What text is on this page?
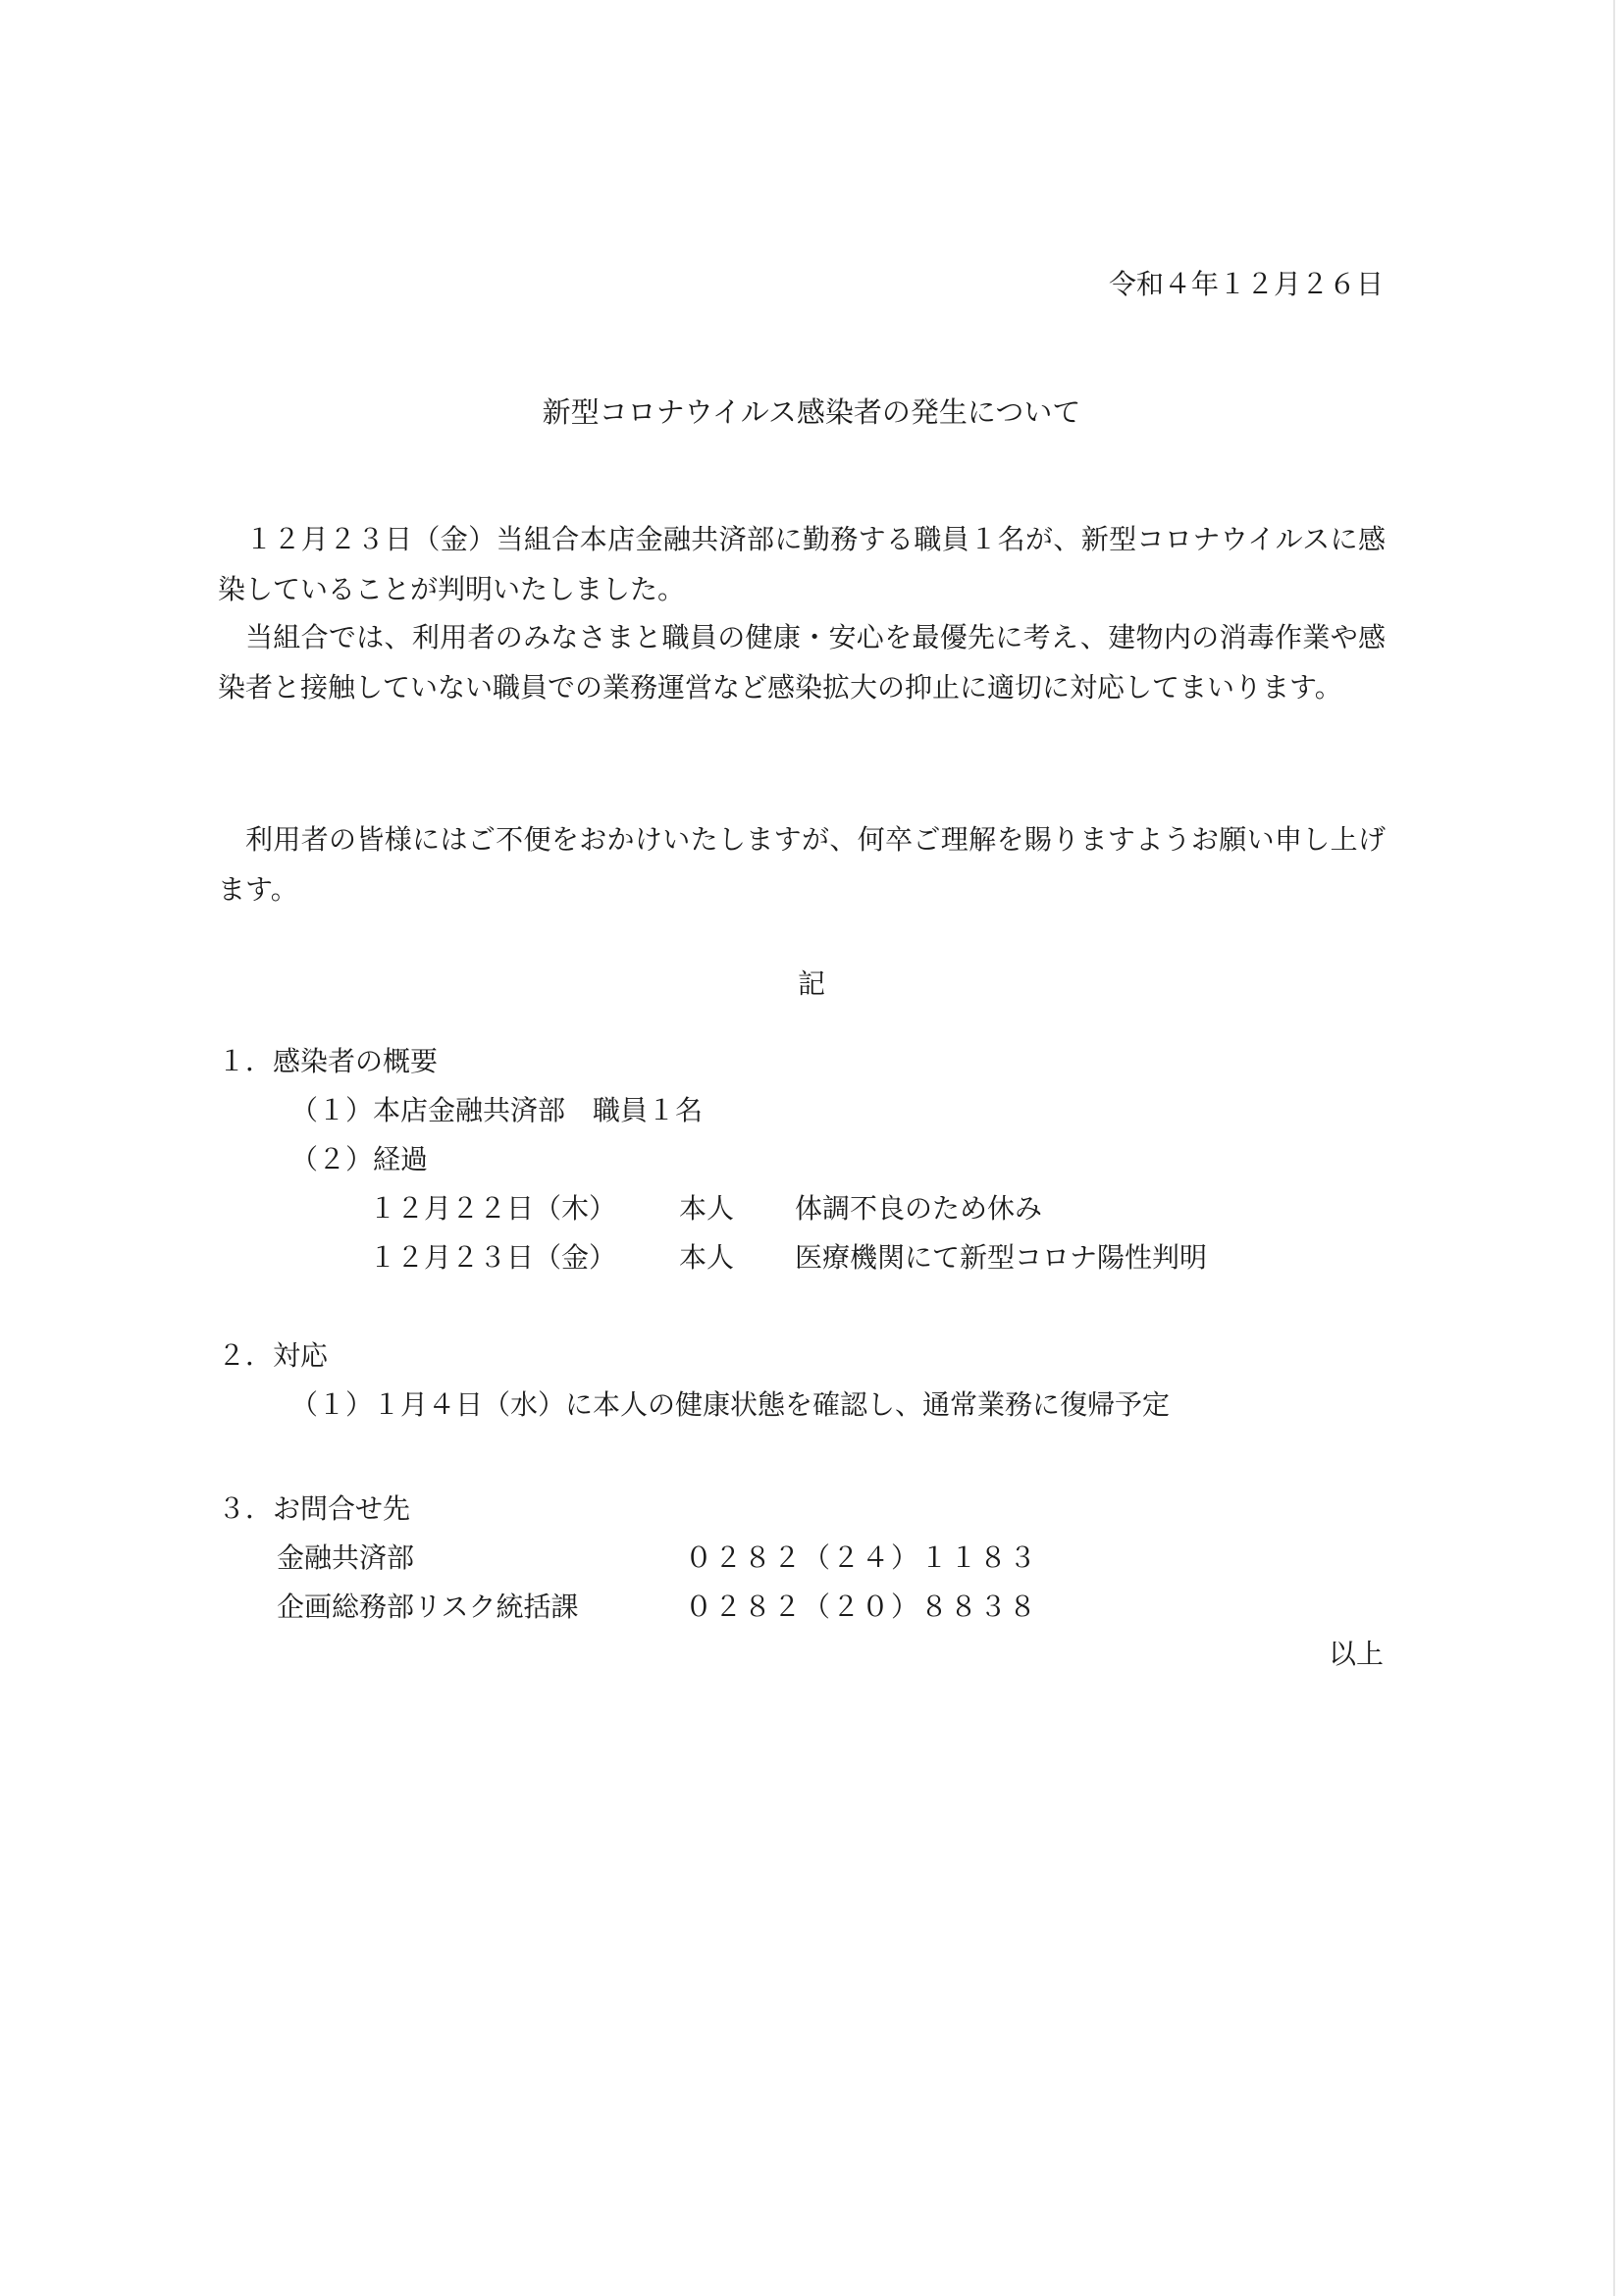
令和４年１２月２６日
新型コロナウイルス感染者の発生について
１２月２３日（金）当組合本店金融共済部に勤務する職員１名が、新型コロナウイルスに感染していることが判明いたしました。
当組合では、利用者のみなさまと職員の健康・安心を最優先に考え、建物内の消毒作業や感染者と接触していない職員での業務運営など感染拡大の抑止に適切に対応してまいります。
利用者の皆様にはご不便をおかけいたしますが、何卒ご理解を賜りますようお願い申し上げます。
記
１．感染者の概要
（１）本店金融共済部　職員１名
（２）経過
１２月２２日（木） 本人 体調不良のため休み
１２月２３日（金） 本人 医療機関にて新型コロナ陽性判明
２．対応
（１）１月４日（水）に本人の健康状態を確認し、通常業務に復帰予定
３．お問合せ先
金融共済部	０２８２（２４）１１８３
企画総務部リスク統括課	０２８２（２０）８８３８
以上
